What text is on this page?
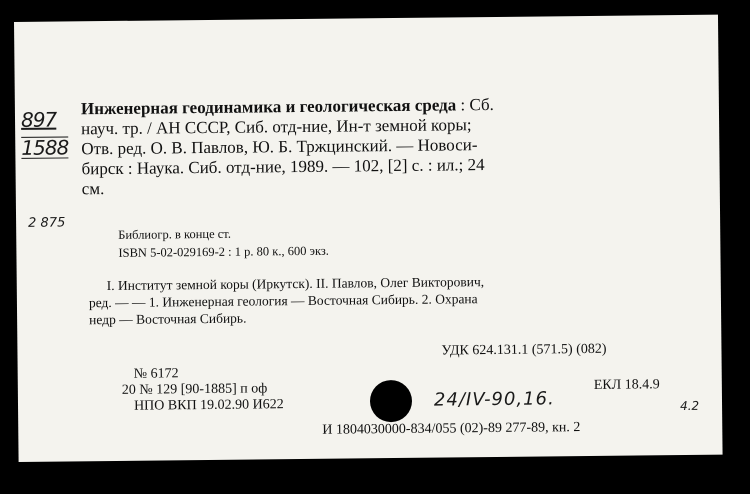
897
1588
2 875
Инженерная геодинамика и геологическая среда : Сб.
науч. тр. / АН СССР, Сиб. отд-ние, Ин-т земной коры;
Отв. ред. О. В. Павлов, Ю. Б. Тржцинский. — Новоси-
бирск : Наука. Сиб. отд-ние, 1989. — 102, [2] с. : ил.; 24
см.
Библиогр. в конце ст.
ISBN 5-02-029169-2 : 1 р. 80 к., 600 экз.
I. Институт земной коры (Иркутск). II. Павлов, Олег Викторович,
ред. — — 1. Инженерная геология — Восточная Сибирь. 2. Охрана
недр — Восточная Сибирь.
УДК 624.131.1 (571.5) (082)
№ 6172
20 № 129 [90-1885] п оф
НПО ВКП 19.02.90 И622
ЕКЛ 18.4.9
24/IV-90,16.	4.2
И 1804030000-834/055 (02)-89 277-89, кн. 2
